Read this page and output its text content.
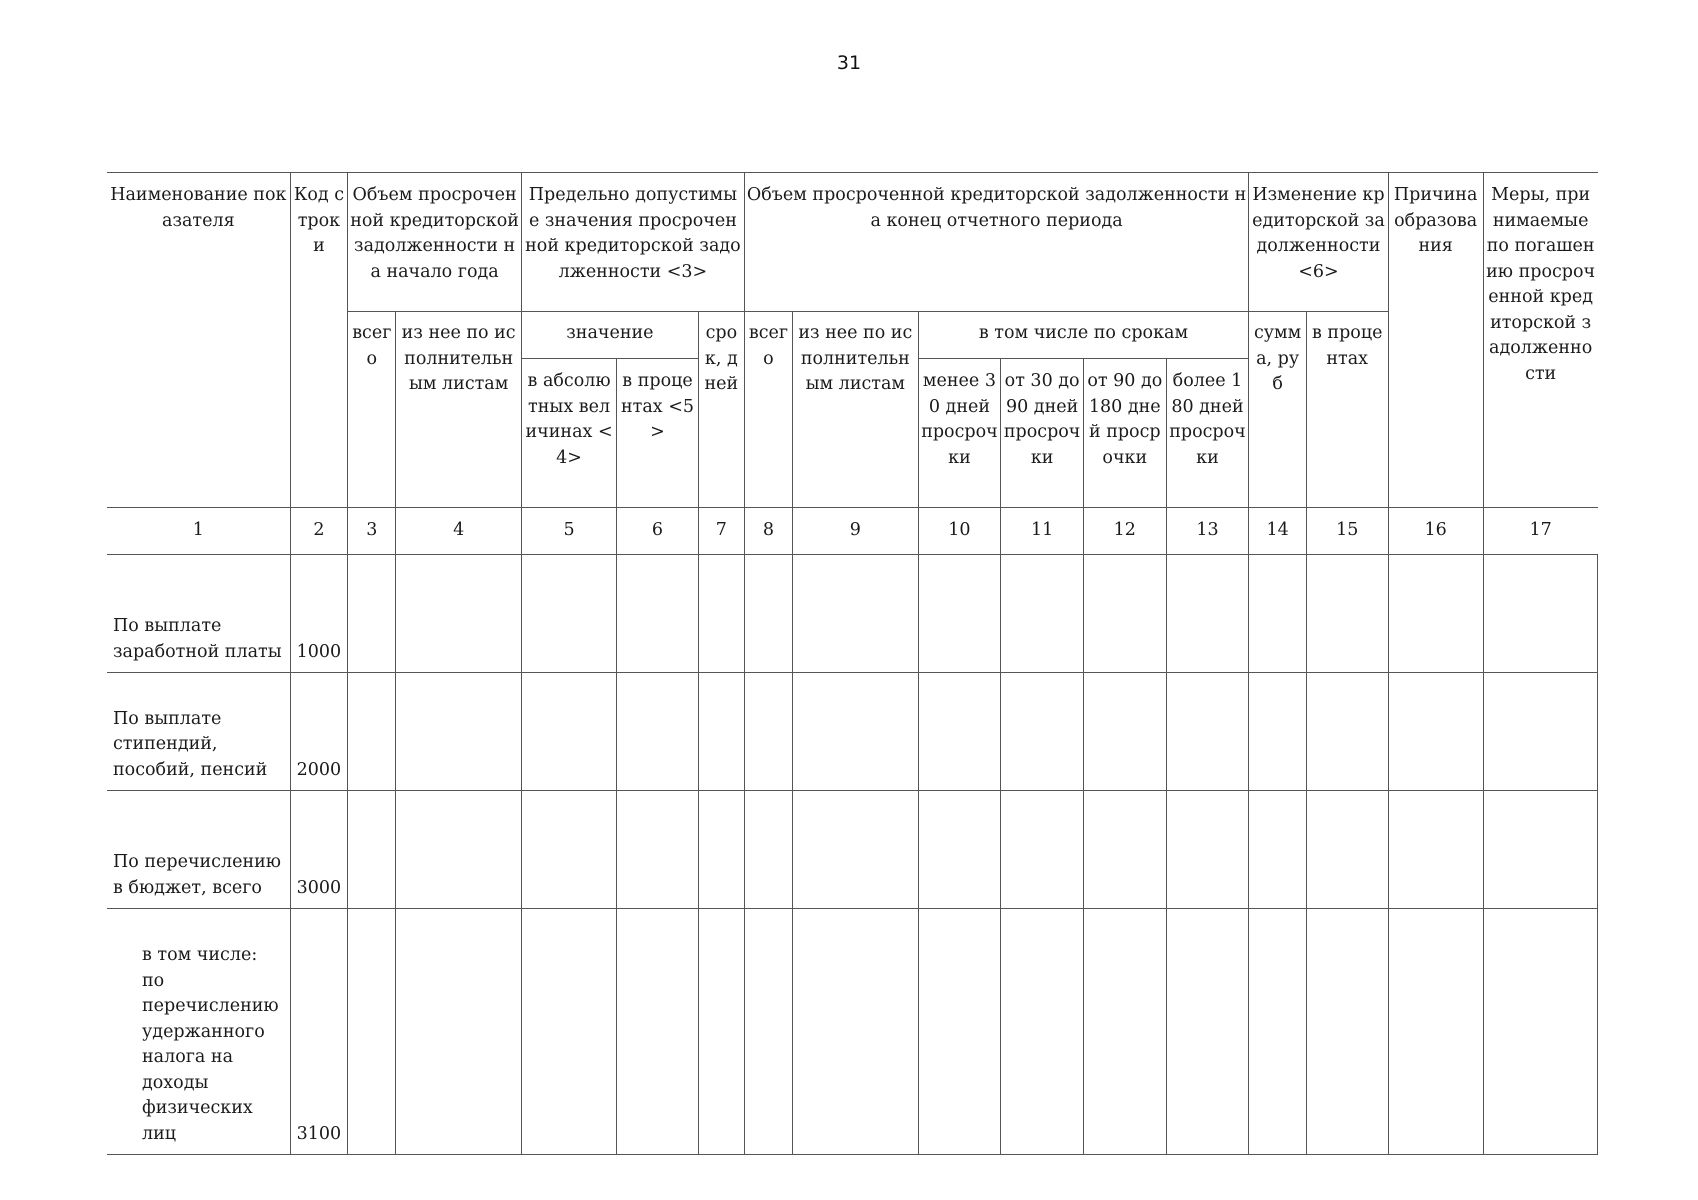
31
Наименование показателя	Код строки	Объем просроченной кредиторской задолженности на начало года		Предельно допустимые значения просроченной кредиторской задолженности <3>			Объем просроченной кредиторской задолженности на конец отчетного периода						Изменение кредиторской задолженности <6>		Причина образования	Меры, принимаемые по погашению просроченной кредиторской задолженности
		всего	из нее по исполнительным листам	значение		срок, дней	всего	из нее по исполнительным листам	в том числе по срокам				сумма, руб	в процентах		
				в абсолютных величинах <4>	в процентах <5>				менее 30 дней просрочки	от 30 до 90 дней просрочки	от 90 до 180 дней просрочки	более 180 дней просрочки				
1	2	3	4	5	6	7	8	9	10	11	12	13	14	15	16	17
По выплате заработной платы	1000															
По выплате стипендий, пособий, пенсий	2000															
По перечислению в бюджет, всего	3000															
в том числе: по перечислению удержанного налога на доходы физических лиц	3100															
